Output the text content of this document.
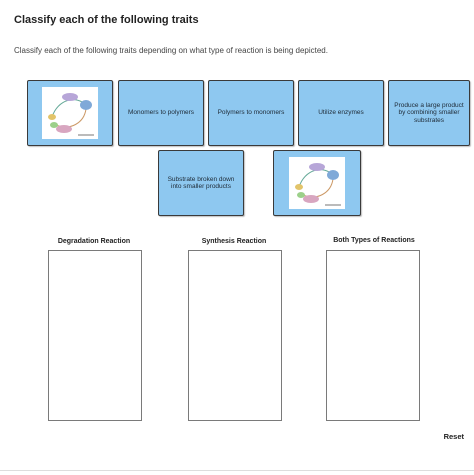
Classify each of the following traits
Classify each of the following traits depending on what type of reaction is being depicted.
Monomers to polymers	Polymers to monomers	Utilize enzymes
Produce a large product by combining smaller substrates
Substrate broken down into smaller products
Degradation Reaction	Synthesis Reaction	Both Types of Reactions
Reset
